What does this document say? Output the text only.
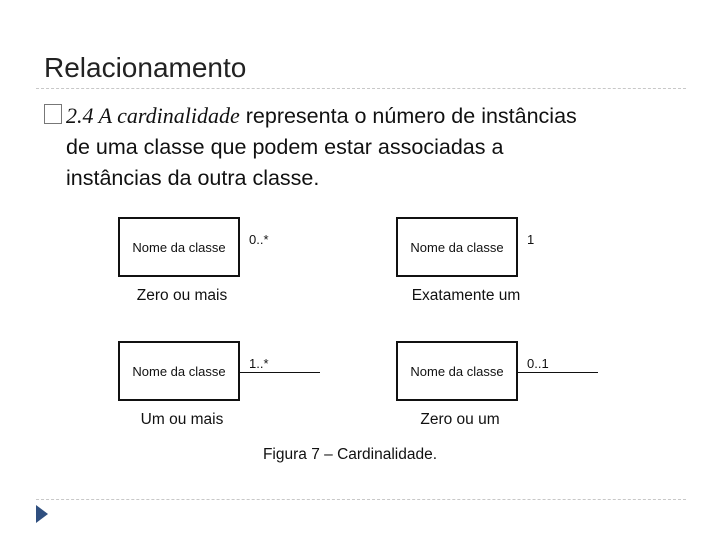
Relacionamento
2.4 A cardinalidade representa o número de instâncias
de uma classe que podem estar associadas a
instâncias da outra classe.
Nome da classe 0..*
Zero ou mais
Nome da classe 1
Exatamente um
Nome da classe 1..*
Um ou mais
Nome da classe 0..1
Zero ou um
Figura 7 – Cardinalidade.
